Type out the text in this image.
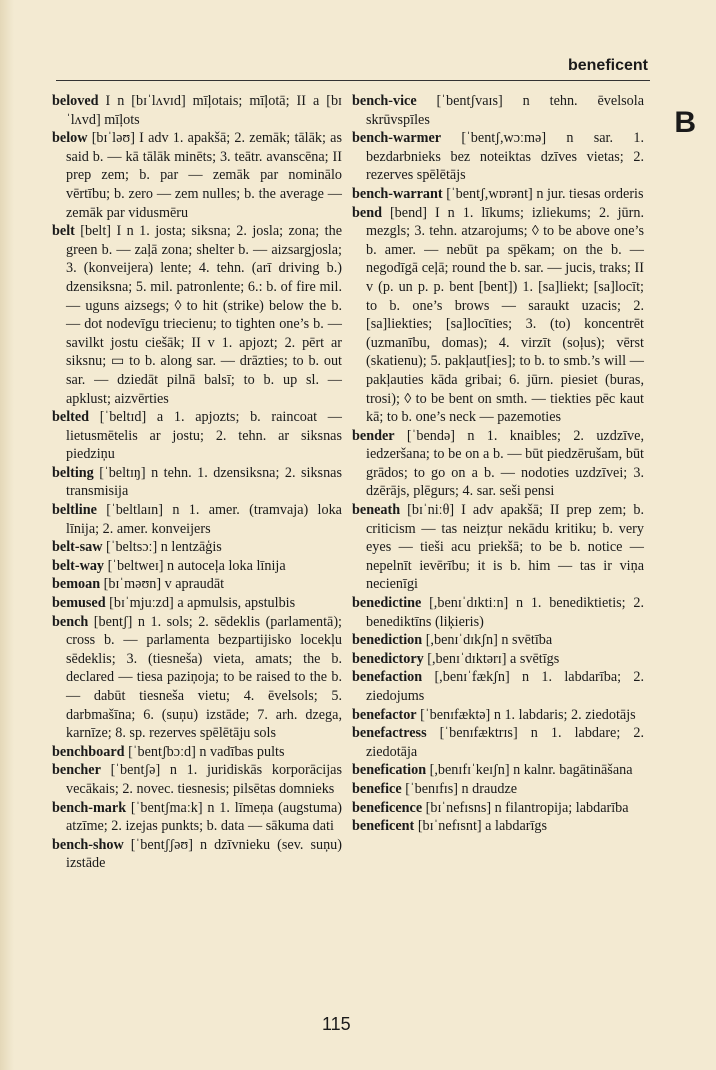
beneficent
B

beloved I n [bɪˈlʌvɪd] mīļotais; mīļotā; II a [bɪˈlʌvd] mīļots

below [bɪˈləʊ] I adv 1. apakšā; 2. zemāk; tālāk; as said b. — kā tālāk minēts; 3. teātr. avanscēna; II prep zem; b. par — zemāk par nominālo vērtību; b. zero — zem nulles; b. the average — zemāk par vidusmēru

belt [belt] I n 1. josta; siksna; 2. josla; zona; the green b. — zaļā zona; shelter b. — aizsargjosla; 3. (konveijera) lente; 4. tehn. (arī driving b.) dzensiksna; 5. mil. patronlente; 6.: b. of fire mil. — uguns aizsegs; ◊ to hit (strike) below the b. — dot nodevīgu triecienu; to tighten one’s b. — savilkt jostu ciešāk; II v 1. apjozt; 2. pērt ar siksnu; ▭ to b. along sar. — drāzties; to b. out sar. — dziedāt pilnā balsī; to b. up sl. — apklust; aizvērties

belted [ˈbeltɪd] a 1. apjozts; b. raincoat — lietusmētelis ar jostu; 2. tehn. ar siksnas piedziņu

belting [ˈbeltɪŋ] n tehn. 1. dzensiksna; 2. siksnas transmisija

beltline [ˈbeltlaɪn] n 1. amer. (tramvaja) loka līnija; 2. amer. konveijers

belt-saw [ˈbeltsɔː] n lentzāģis

belt-way [ˈbeltweɪ] n autoceļa loka līnija

bemoan [bɪˈməʊn] v apraudāt

bemused [bɪˈmjuːzd] a apmulsis, apstulbis

bench [bentʃ] n 1. sols; 2. sēdeklis (parlamentā); cross b. — parlamenta bezpartijisko locekļu sēdeklis; 3. (tiesneša) vieta, amats; the b. declared — tiesa paziņoja; to be raised to the b. — dabūt tiesneša vietu; 4. ēvelsols; 5. darbmašīna; 6. (suņu) izstāde; 7. arh. dzega, karnīze; 8. sp. rezerves spēlētāju sols

benchboard [ˈbentʃbɔːd] n vadības pults

bencher [ˈbentʃə] n 1. juridiskās korporācijas vecākais; 2. novec. tiesnesis; pilsētas domnieks

bench-mark [ˈbentʃmaːk] n 1. līmeņa (augstuma) atzīme; 2. izejas punkts; b. data — sākuma dati

bench-show [ˈbentʃʃəʊ] n dzīvnieku (sev. suņu) izstāde

bench-vice [ˈbentʃvaɪs] n tehn. ēvelsola skrūvspīles

bench-warmer [ˈbentʃ,wɔːmə] n sar. 1. bezdarbnieks bez noteiktas dzīves vietas; 2. rezerves spēlētājs

bench-warrant [ˈbentʃ,wɒrənt] n jur. tiesas orderis

bend [bend] I n 1. līkums; izliekums; 2. jūrn. mezgls; 3. tehn. atzarojums; ◊ to be above one’s b. amer. — nebūt pa spēkam; on the b. — negodīgā ceļā; round the b. sar. — jucis, traks; II v (p. un p. p. bent [bent]) 1. [sa]liekt; [sa]locīt; to b. one’s brows — saraukt uzacis; 2. [sa]liekties; [sa]locīties; 3. (to) koncentrēt (uzmanību, domas); 4. virzīt (soļus); vērst (skatienu); 5. pakļaut[ies]; to b. to smb.’s will — pakļauties kāda gribai; 6. jūrn. piesiet (buras, trosi); ◊ to be bent on smth. — tiekties pēc kaut kā; to b. one’s neck — pazemoties

bender [ˈbendə] n 1. knaibles; 2. uzdzīve, iedzeršana; to be on a b. — būt piedzērušam, būt grādos; to go on a b. — nodoties uzdzīvei; 3. dzērājs, plēgurs; 4. sar. seši pensi

beneath [bɪˈniːθ] I adv apakšā; II prep zem; b. criticism — tas neizțur nekādu kritiku; b. very eyes — tieši acu priekšā; to be b. notice — nepelnīt ievērību; it is b. him — tas ir viņa necienīgi

benedictine [,benɪˈdɪktiːn] n 1. benediktietis; 2. benediktīns (liķieris)

benediction [,benɪˈdɪkʃn] n svētība

benedictory [,benɪˈdɪktərɪ] a svētīgs

benefaction [,benɪˈfækʃn] n 1. labdarība; 2. ziedojums

benefactor [ˈbenɪfæktə] n 1. labdaris; 2. ziedotājs

benefactress [ˈbenɪfæktrɪs] n 1. labdare; 2. ziedotāja

benefication [,benɪfɪˈkeɪʃn] n kalnr. bagātināšana

benefice [ˈbenɪfɪs] n draudze

beneficence [bɪˈnefɪsns] n filantropija; labdarība

beneficent [bɪˈnefɪsnt] a labdarīgs

115
